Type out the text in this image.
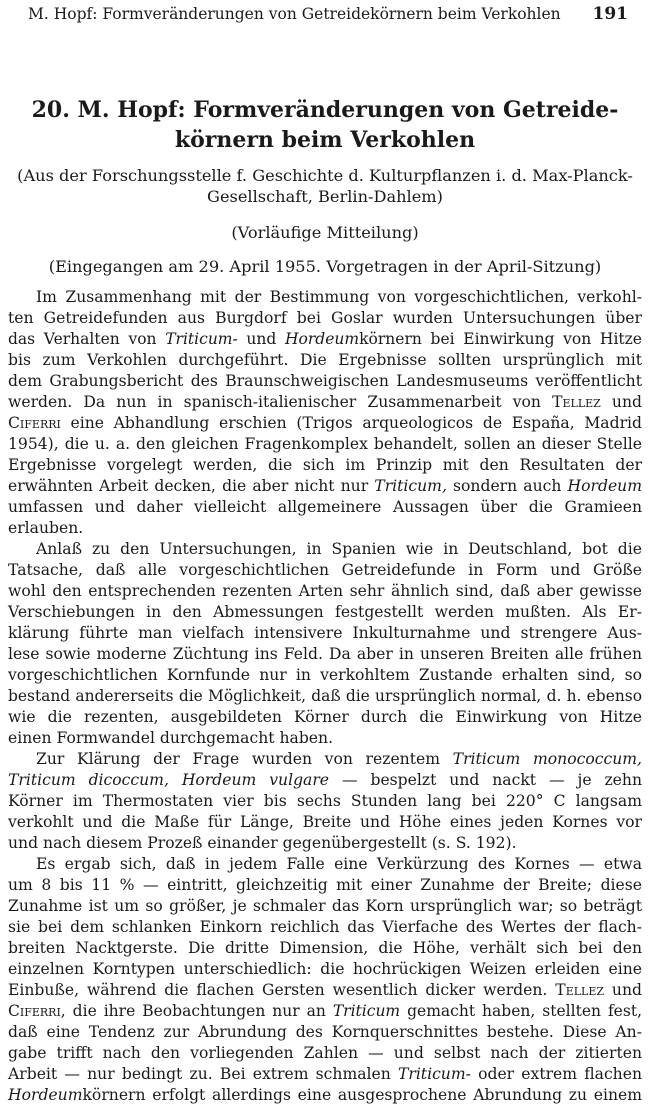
M. Hopf: Formveränderungen von Getreidekörnern beim Verkohlen 191
20. M. Hopf: Formveränderungen von Getreide-
körnern beim Verkohlen
(Aus der Forschungsstelle f. Geschichte d. Kulturpflanzen i. d. Max-Planck-
Gesellschaft, Berlin-Dahlem)
(Vorläufige Mitteilung)
(Eingegangen am 29. April 1955. Vorgetragen in der April-Sitzung)
Im Zusammenhang mit der Bestimmung von vorgeschichtlichen, verkohl-
ten Getreidefunden aus Burgdorf bei Goslar wurden Untersuchungen über
das Verhalten von Triticum- und Hordeumkörnern bei Einwirkung von Hitze
bis zum Verkohlen durchgeführt. Die Ergebnisse sollten ursprünglich mit
dem Grabungsbericht des Braunschweigischen Landesmuseums veröffentlicht
werden. Da nun in spanisch-italienischer Zusammenarbeit von Tellez und
Ciferri eine Abhandlung erschien (Trigos arqueologicos de España, Madrid
1954), die u. a. den gleichen Fragenkomplex behandelt, sollen an dieser Stelle
Ergebnisse vorgelegt werden, die sich im Prinzip mit den Resultaten der
erwähnten Arbeit decken, die aber nicht nur Triticum, sondern auch Hordeum
umfassen und daher vielleicht allgemeinere Aussagen über die Gramieen
erlauben.
Anlaß zu den Untersuchungen, in Spanien wie in Deutschland, bot die
Tatsache, daß alle vorgeschichtlichen Getreidefunde in Form und Größe
wohl den entsprechenden rezenten Arten sehr ähnlich sind, daß aber gewisse
Verschiebungen in den Abmessungen festgestellt werden mußten. Als Er-
klärung führte man vielfach intensivere Inkulturnahme und strengere Aus-
lese sowie moderne Züchtung ins Feld. Da aber in unseren Breiten alle frühen
vorgeschichtlichen Kornfunde nur in verkohltem Zustande erhalten sind, so
bestand andererseits die Möglichkeit, daß die ursprünglich normal, d. h. ebenso
wie die rezenten, ausgebildeten Körner durch die Einwirkung von Hitze
einen Formwandel durchgemacht haben.
Zur Klärung der Frage wurden von rezentem Triticum monococcum,
Triticum dicoccum, Hordeum vulgare — bespelzt und nackt — je zehn
Körner im Thermostaten vier bis sechs Stunden lang bei 220° C langsam
verkohlt und die Maße für Länge, Breite und Höhe eines jeden Kornes vor
und nach diesem Prozeß einander gegenübergestellt (s. S. 192).
Es ergab sich, daß in jedem Falle eine Verkürzung des Kornes — etwa
um 8 bis 11 % — eintritt, gleichzeitig mit einer Zunahme der Breite; diese
Zunahme ist um so größer, je schmaler das Korn ursprünglich war; so beträgt
sie bei dem schlanken Einkorn reichlich das Vierfache des Wertes der flach-
breiten Nacktgerste. Die dritte Dimension, die Höhe, verhält sich bei den
einzelnen Korntypen unterschiedlich: die hochrückigen Weizen erleiden eine
Einbuße, während die flachen Gersten wesentlich dicker werden. Tellez und
Ciferri, die ihre Beobachtungen nur an Triticum gemacht haben, stellten fest,
daß eine Tendenz zur Abrundung des Kornquerschnittes bestehe. Diese An-
gabe trifft nach den vorliegenden Zahlen — und selbst nach der zitierten
Arbeit — nur bedingt zu. Bei extrem schmalen Triticum- oder extrem flachen
Hordeumkörnern erfolgt allerdings eine ausgesprochene Abrundung zu einem
